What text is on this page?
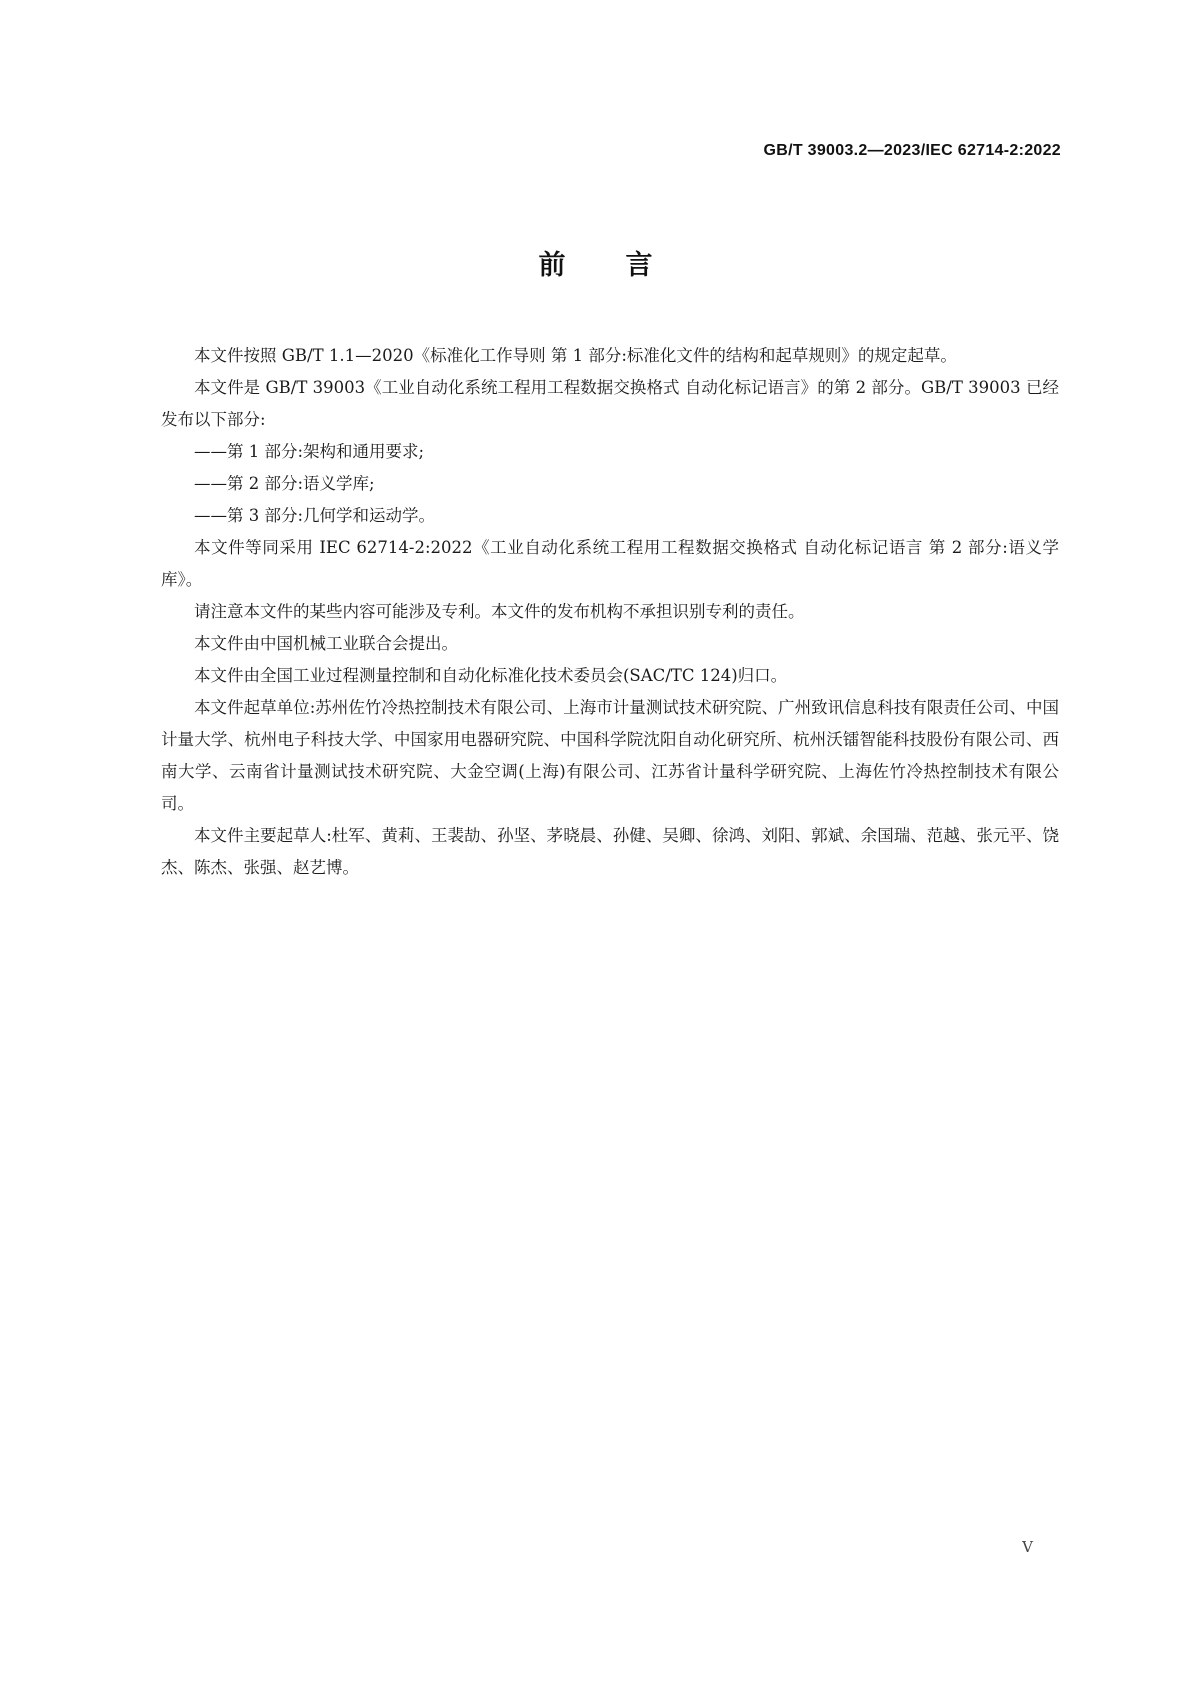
GB/T 39003.2—2023/IEC 62714-2:2022
前言

本文件按照 GB/T 1.1—2020《标准化工作导则 第 1 部分:标准化文件的结构和起草规则》的规定起草。

本文件是 GB/T 39003《工业自动化系统工程用工程数据交换格式 自动化标记语言》的第 2 部分。GB/T 39003 已经发布以下部分:

——第 1 部分:架构和通用要求;

——第 2 部分:语义学库;

——第 3 部分:几何学和运动学。

本文件等同采用 IEC 62714-2:2022《工业自动化系统工程用工程数据交换格式 自动化标记语言 第 2 部分:语义学库》。

请注意本文件的某些内容可能涉及专利。本文件的发布机构不承担识别专利的责任。

本文件由中国机械工业联合会提出。

本文件由全国工业过程测量控制和自动化标准化技术委员会(SAC/TC 124)归口。

本文件起草单位:苏州佐竹冷热控制技术有限公司、上海市计量测试技术研究院、广州致讯信息科技有限责任公司、中国计量大学、杭州电子科技大学、中国家用电器研究院、中国科学院沈阳自动化研究所、杭州沃镭智能科技股份有限公司、西南大学、云南省计量测试技术研究院、大金空调(上海)有限公司、江苏省计量科学研究院、上海佐竹冷热控制技术有限公司。

本文件主要起草人:杜军、黄莉、王裴劼、孙坚、茅晓晨、孙健、吴卿、徐鸿、刘阳、郭斌、余国瑞、范越、张元平、饶杰、陈杰、张强、赵艺博。

V
